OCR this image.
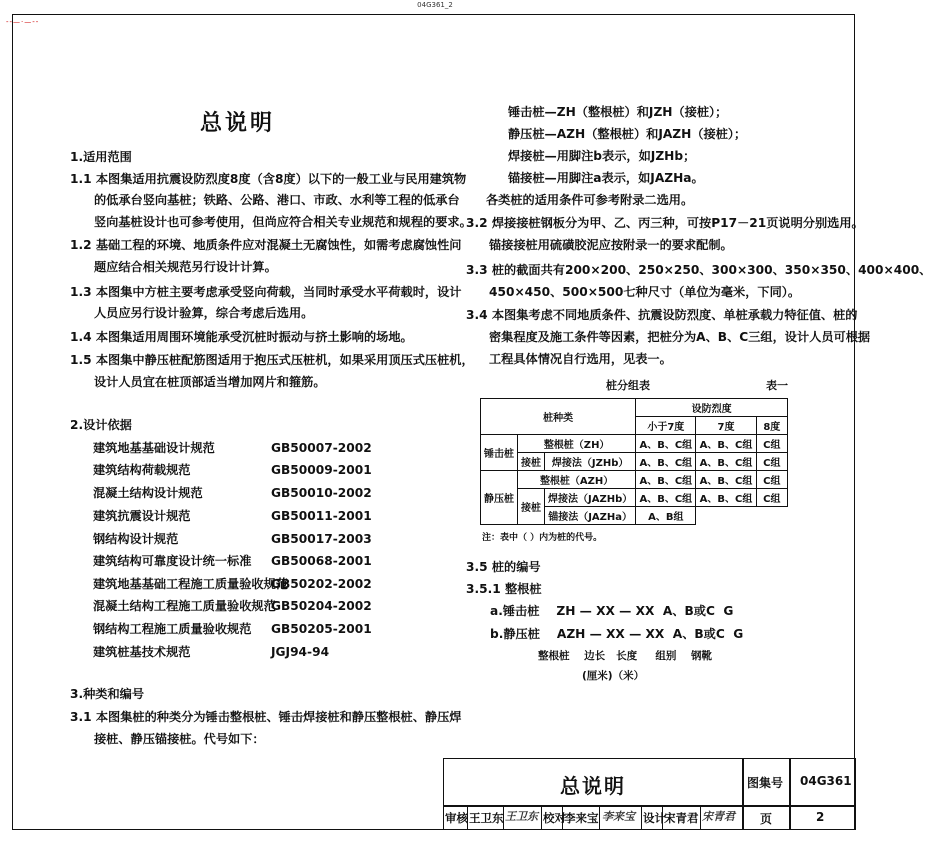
04G361_2
--—·—--
总说明
1.适用范围
1.1 本图集适用抗震设防烈度8度（含8度）以下的一般工业与民用建筑物
的低承台竖向基桩；铁路、公路、港口、市政、水利等工程的低承台
竖向基桩设计也可参考使用，但尚应符合相关专业规范和规程的要求。
1.2 基础工程的环境、地质条件应对混凝土无腐蚀性，如需考虑腐蚀性问
题应结合相关规范另行设计计算。
1.3 本图集中方桩主要考虑承受竖向荷载，当同时承受水平荷载时，设计
人员应另行设计验算，综合考虑后选用。
1.4 本图集适用周围环境能承受沉桩时振动与挤土影响的场地。
1.5 本图集中静压桩配筋图适用于抱压式压桩机，如果采用顶压式压桩机，
设计人员宜在桩顶部适当增加网片和箍筋。
2.设计依据
建筑地基基础设计规范	GB50007-2002
建筑结构荷载规范	GB50009-2001
混凝土结构设计规范	GB50010-2002
建筑抗震设计规范	GB50011-2001
钢结构设计规范	GB50017-2003
建筑结构可靠度设计统一标准 GB50068-2001
建筑地基基础工程施工质量验收规范
GB50202-2002
混凝土结构工程施工质量验收规范
GB50204-2002
钢结构工程施工质量验收规范 GB50205-2001
建筑桩基技术规范	JGJ94-94
3.种类和编号
3.1 本图集桩的种类分为锤击整根桩、锤击焊接桩和静压整根桩、静压焊
接桩、静压锚接桩。代号如下：
锤击桩—ZH（整根桩）和JZH（接桩）；
静压桩—AZH（整根桩）和JAZH（接桩）；
焊接桩—用脚注b表示，如JZHb；
锚接桩—用脚注a表示，如JAZHa。
各类桩的适用条件可参考附录二选用。
3.2 焊接接桩钢板分为甲、乙、丙三种，可按P17－21页说明分别选用。
锚接接桩用硫磺胶泥应按附录一的要求配制。
3.3 桩的截面共有200×200、250×250、300×300、350×350、400×400、
450×450、500×500七种尺寸（单位为毫米，下同）。
3.4 本图集考虑不同地质条件、抗震设防烈度、单桩承载力特征值、桩的
密集程度及施工条件等因素，把桩分为A、B、C三组，设计人员可根据
工程具体情况自行选用，见表一。
桩分组表	表一
桩种类			设防烈度		
			小于7度	7度	8度
锤击桩	整根桩（ZH）		A、B、C组	A、B、C组	C组
	接桩	焊接法（JZHb）	A、B、C组	A、B、C组	C组
静压桩	整根桩（AZH）		A、B、C组	A、B、C组	C组
	接桩	焊接法（JAZHb）	A、B、C组	A、B、C组	C组
		锚接法（JAZHa）	A、B组		
注：表中（ ）内为桩的代号。
3.5 桩的编号
3.5.1 整根桩
a.锤击桩    ZH — XX — XX  A、B或C  G
b.静压桩    AZH — XX — XX  A、B或C  G
整根桩    边长   长度     组别    钢靴
(厘米)（米）
总说明	图集号 04G361
审核 王卫东 王卫东 校对
李来宝 李来宝 设计
宋青君 宋青君 页	2
